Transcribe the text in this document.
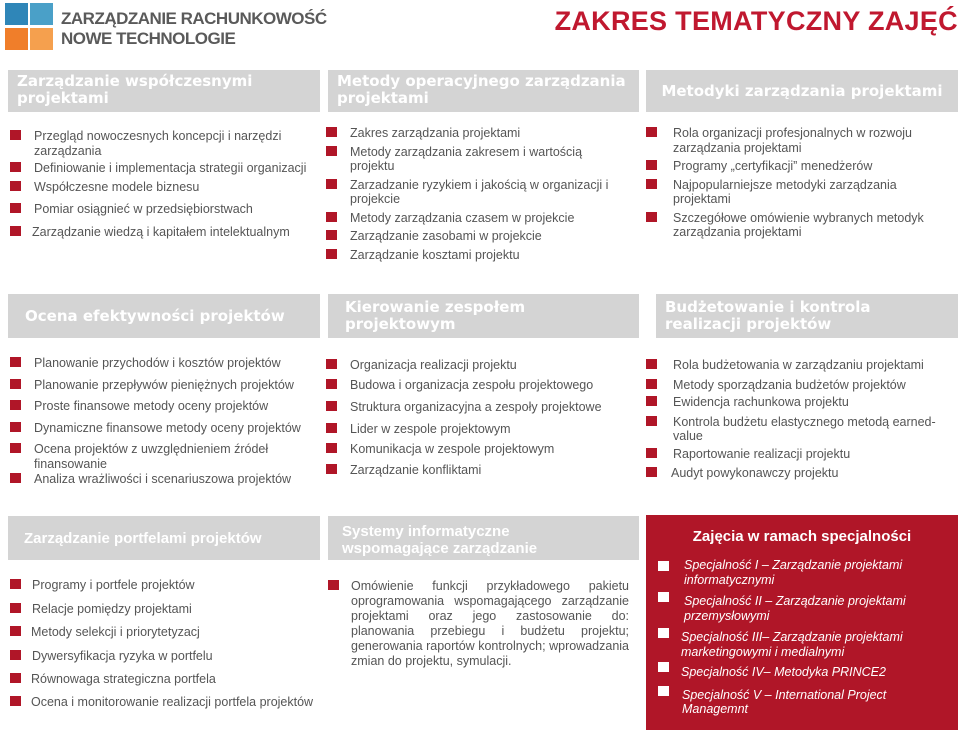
ZARZĄDZANIE RACHUNKOWOŚĆ
NOWE TECHNOLOGIE
ZAKRES TEMATYCZNY ZAJĘĆ
Zarządzanie współczesnymi projektami
Metody operacyjnego zarządzania projektami	Metodyki zarządzania projektami
Przegląd nowoczesnych koncepcji i narzędzi zarządzania
Definiowanie i implementacja strategii organizacji
Współczesne modele biznesu
Pomiar osiągnieć w przedsiębiorstwach
Zarządzanie wiedzą i kapitałem intelektualnym
Zakres zarządzania projektami
Metody zarządzania zakresem i wartością projektu
Zarzadzanie ryzykiem i jakością w organizacji i projekcie
Metody zarządzania czasem w projekcie
Zarządzanie zasobami w projekcie
Zarządzanie kosztami projektu
Rola organizacji profesjonalnych w rozwoju zarządzania projektami
Programy „certyfikacji” menedżerów
Najpopularniejsze metodyki zarządzania projektami
Szczegółowe omówienie wybranych metodyk zarządzania projektami
Ocena efektywności projektów	Kierowanie zespołem projektowym
Budżetowanie i kontrola realizacji projektów
Planowanie przychodów i kosztów projektów
Planowanie przepływów pieniężnych projektów
Proste finansowe metody oceny projektów
Dynamiczne finansowe metody oceny projektów
Ocena projektów z uwzględnieniem źródeł finansowanie
Analiza wrażliwości i scenariuszowa projektów
Organizacja realizacji projektu
Budowa i organizacja zespołu projektowego
Struktura organizacyjna a zespoły projektowe
Lider w zespole projektowym
Komunikacja w zespole projektowym
Zarządzanie konfliktami
Rola budżetowania w zarządzaniu projektami
Metody sporządzania budżetów projektów
Ewidencja rachunkowa projektu
Kontrola budżetu elastycznego metodą earned-value
Raportowanie realizacji projektu
Audyt powykonawczy projektu
Zarządzanie portfelami projektów	Systemy informatyczne wspomagające zarządzanie
Zajęcia w ramach specjalności
Programy i portfele projektów
Relacje pomiędzy projektami
Metody selekcji i priorytetyzacj
Dywersyfikacja ryzyka w portfelu
Równowaga strategiczna portfela
Ocena i monitorowanie realizacji portfela projektów

Omówienie funkcji przykładowego pakietu oprogramowania wspomagającego zarządzanie projektami oraz jego zastosowanie do: planowania przebiegu i budżetu projektu; generowania raportów kontrolnych; wprowadzania zmian do projektu, symulacji.

Specjalność I – Zarządzanie projektami informatycznymi
Specjalność II – Zarządzanie projektami przemysłowymi
Specjalność III– Zarządzanie projektami marketingowymi i medialnymi
Specjalność IV– Metodyka PRINCE2
Specjalność V – International Project Managemnt
